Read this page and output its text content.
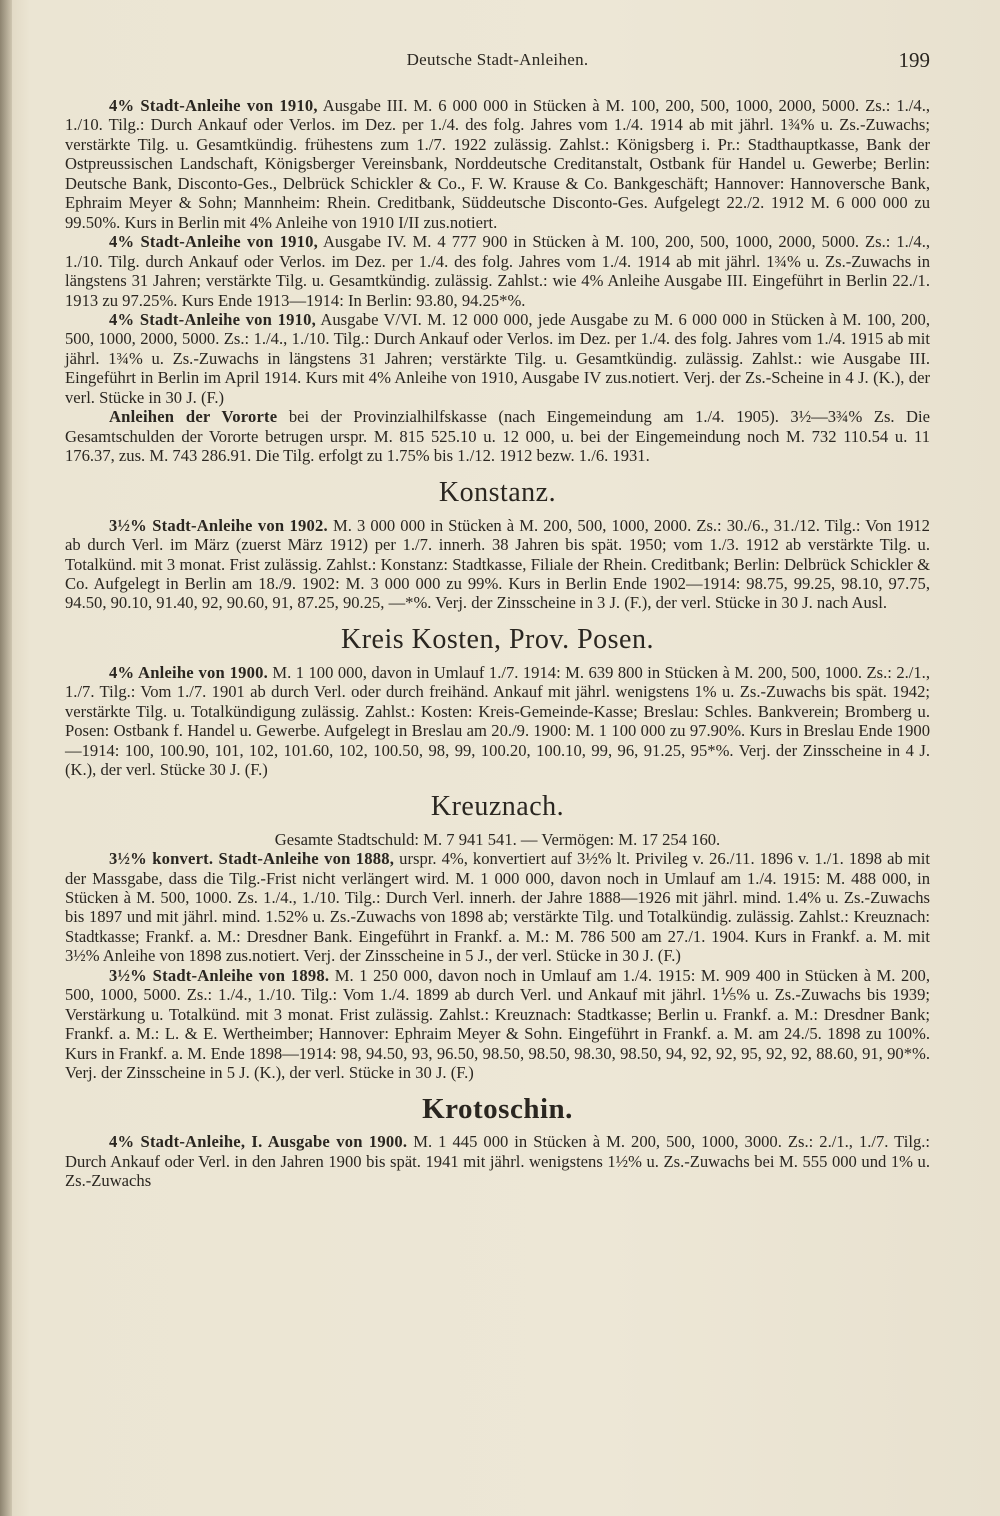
Deutsche Stadt-Anleihen.	199

4% Stadt-Anleihe von 1910, Ausgabe III. M. 6 000 000 in Stücken à M. 100, 200, 500, 1000, 2000, 5000. Zs.: 1./4., 1./10. Tilg.: Durch Ankauf oder Verlos. im Dez. per 1./4. des folg. Jahres vom 1./4. 1914 ab mit jährl. 1¾% u. Zs.-Zuwachs; verstärkte Tilg. u. Gesamtkündig. frühestens zum 1./7. 1922 zulässig. Zahlst.: Königsberg i. Pr.: Stadthauptkasse, Bank der Ostpreussischen Landschaft, Königsberger Vereinsbank, Norddeutsche Creditanstalt, Ostbank für Handel u. Gewerbe; Berlin: Deutsche Bank, Disconto-Ges., Delbrück Schickler & Co., F. W. Krause & Co. Bankgeschäft; Hannover: Hannoversche Bank, Ephraim Meyer & Sohn; Mannheim: Rhein. Creditbank, Süddeutsche Disconto-Ges. Aufgelegt 22./2. 1912 M. 6 000 000 zu 99.50%. Kurs in Berlin mit 4% Anleihe von 1910 I/II zus.notiert.

4% Stadt-Anleihe von 1910, Ausgabe IV. M. 4 777 900 in Stücken à M. 100, 200, 500, 1000, 2000, 5000. Zs.: 1./4., 1./10. Tilg. durch Ankauf oder Verlos. im Dez. per 1./4. des folg. Jahres vom 1./4. 1914 ab mit jährl. 1¾% u. Zs.-Zuwachs in längstens 31 Jahren; verstärkte Tilg. u. Gesamtkündig. zulässig. Zahlst.: wie 4% Anleihe Ausgabe III. Eingeführt in Berlin 22./1. 1913 zu 97.25%. Kurs Ende 1913—1914: In Berlin: 93.80, 94.25*%.

4% Stadt-Anleihe von 1910, Ausgabe V/VI. M. 12 000 000, jede Ausgabe zu M. 6 000 000 in Stücken à M. 100, 200, 500, 1000, 2000, 5000. Zs.: 1./4., 1./10. Tilg.: Durch Ankauf oder Verlos. im Dez. per 1./4. des folg. Jahres vom 1./4. 1915 ab mit jährl. 1¾% u. Zs.-Zuwachs in längstens 31 Jahren; verstärkte Tilg. u. Gesamtkündig. zulässig. Zahlst.: wie Ausgabe III. Eingeführt in Berlin im April 1914. Kurs mit 4% Anleihe von 1910, Ausgabe IV zus.notiert. Verj. der Zs.-Scheine in 4 J. (K.), der verl. Stücke in 30 J. (F.)

Anleihen der Vororte bei der Provinzialhilfskasse (nach Eingemeindung am 1./4. 1905). 3½—3¾% Zs. Die Gesamtschulden der Vororte betrugen urspr. M. 815 525.10 u. 12 000, u. bei der Eingemeindung noch M. 732 110.54 u. 11 176.37, zus. M. 743 286.91. Die Tilg. erfolgt zu 1.75% bis 1./12. 1912 bezw. 1./6. 1931.

Konstanz.

3½% Stadt-Anleihe von 1902. M. 3 000 000 in Stücken à M. 200, 500, 1000, 2000. Zs.: 30./6., 31./12. Tilg.: Von 1912 ab durch Verl. im März (zuerst März 1912) per 1./7. innerh. 38 Jahren bis spät. 1950; vom 1./3. 1912 ab verstärkte Tilg. u. Totalkünd. mit 3 monat. Frist zulässig. Zahlst.: Konstanz: Stadtkasse, Filiale der Rhein. Creditbank; Berlin: Delbrück Schickler & Co. Aufgelegt in Berlin am 18./9. 1902: M. 3 000 000 zu 99%. Kurs in Berlin Ende 1902—1914: 98.75, 99.25, 98.10, 97.75, 94.50, 90.10, 91.40, 92, 90.60, 91, 87.25, 90.25, —*%. Verj. der Zinsscheine in 3 J. (F.), der verl. Stücke in 30 J. nach Ausl.

Kreis Kosten, Prov. Posen.

4% Anleihe von 1900. M. 1 100 000, davon in Umlauf 1./7. 1914: M. 639 800 in Stücken à M. 200, 500, 1000. Zs.: 2./1., 1./7. Tilg.: Vom 1./7. 1901 ab durch Verl. oder durch freihänd. Ankauf mit jährl. wenigstens 1% u. Zs.-Zuwachs bis spät. 1942; verstärkte Tilg. u. Totalkündigung zulässig. Zahlst.: Kosten: Kreis-Gemeinde-Kasse; Breslau: Schles. Bankverein; Bromberg u. Posen: Ostbank f. Handel u. Gewerbe. Aufgelegt in Breslau am 20./9. 1900: M. 1 100 000 zu 97.90%. Kurs in Breslau Ende 1900—1914: 100, 100.90, 101, 102, 101.60, 102, 100.50, 98, 99, 100.20, 100.10, 99, 96, 91.25, 95*%. Verj. der Zinsscheine in 4 J. (K.), der verl. Stücke 30 J. (F.)

Kreuznach.

Gesamte Stadtschuld: M. 7 941 541. — Vermögen: M. 17 254 160.

3½% konvert. Stadt-Anleihe von 1888, urspr. 4%, konvertiert auf 3½% lt. Privileg v. 26./11. 1896 v. 1./1. 1898 ab mit der Massgabe, dass die Tilg.-Frist nicht verlängert wird. M. 1 000 000, davon noch in Umlauf am 1./4. 1915: M. 488 000, in Stücken à M. 500, 1000. Zs. 1./4., 1./10. Tilg.: Durch Verl. innerh. der Jahre 1888—1926 mit jährl. mind. 1.4% u. Zs.-Zuwachs bis 1897 und mit jährl. mind. 1.52% u. Zs.-Zuwachs von 1898 ab; verstärkte Tilg. und Totalkündig. zulässig. Zahlst.: Kreuznach: Stadtkasse; Frankf. a. M.: Dresdner Bank. Eingeführt in Frankf. a. M.: M. 786 500 am 27./1. 1904. Kurs in Frankf. a. M. mit 3½% Anleihe von 1898 zus.notiert. Verj. der Zinsscheine in 5 J., der verl. Stücke in 30 J. (F.)

3½% Stadt-Anleihe von 1898. M. 1 250 000, davon noch in Umlauf am 1./4. 1915: M. 909 400 in Stücken à M. 200, 500, 1000, 5000. Zs.: 1./4., 1./10. Tilg.: Vom 1./4. 1899 ab durch Verl. und Ankauf mit jährl. 1⅕% u. Zs.-Zuwachs bis 1939; Verstärkung u. Totalkünd. mit 3 monat. Frist zulässig. Zahlst.: Kreuznach: Stadtkasse; Berlin u. Frankf. a. M.: Dresdner Bank; Frankf. a. M.: L. & E. Wertheimber; Hannover: Ephraim Meyer & Sohn. Eingeführt in Frankf. a. M. am 24./5. 1898 zu 100%. Kurs in Frankf. a. M. Ende 1898—1914: 98, 94.50, 93, 96.50, 98.50, 98.50, 98.30, 98.50, 94, 92, 92, 95, 92, 92, 88.60, 91, 90*%. Verj. der Zinsscheine in 5 J. (K.), der verl. Stücke in 30 J. (F.)

Krotoschin.

4% Stadt-Anleihe, I. Ausgabe von 1900. M. 1 445 000 in Stücken à M. 200, 500, 1000, 3000. Zs.: 2./1., 1./7. Tilg.: Durch Ankauf oder Verl. in den Jahren 1900 bis spät. 1941 mit jährl. wenigstens 1½% u. Zs.-Zuwachs bei M. 555 000 und 1% u. Zs.-Zuwachs
